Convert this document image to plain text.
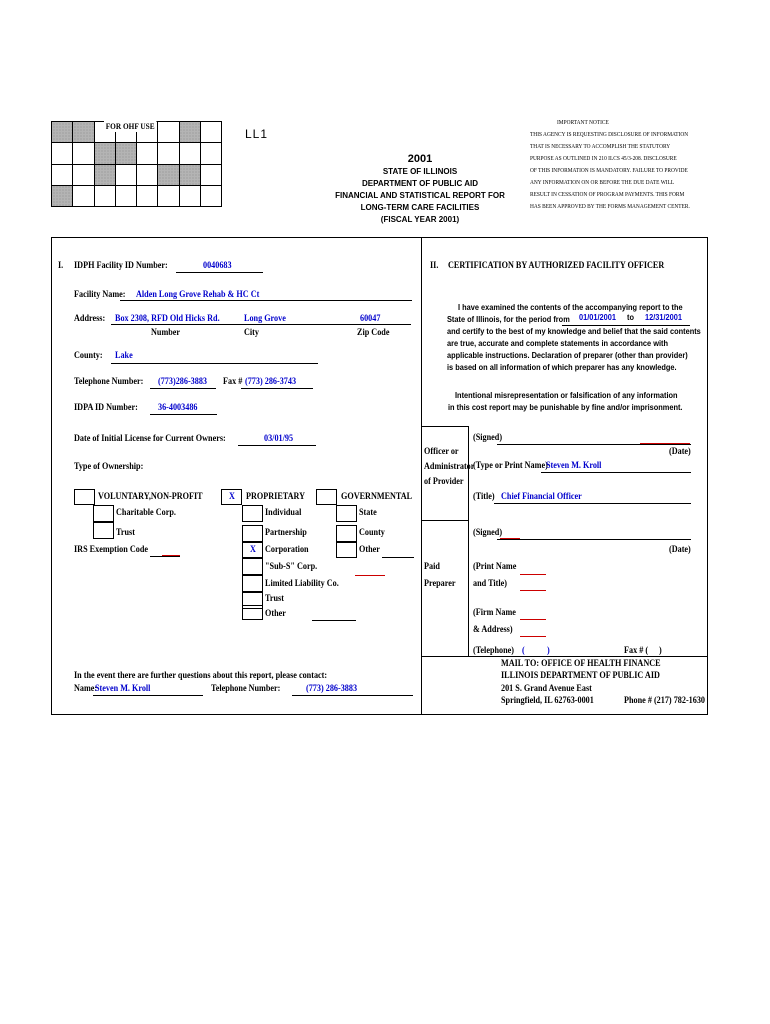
FOR OHF USE
LL1
2001
STATE OF ILLINOIS
DEPARTMENT OF PUBLIC AID
FINANCIAL AND STATISTICAL REPORT FOR
LONG-TERM CARE FACILITIES
(FISCAL YEAR 2001)
IMPORTANT NOTICE
THIS AGENCY IS REQUESTING DISCLOSURE OF INFORMATION
THAT IS NECESSARY TO ACCOMPLISH THE STATUTORY
PURPOSE AS OUTLINED IN 210 ILCS 45/3-208. DISCLOSURE
OF THIS INFORMATION IS MANDATORY. FAILURE TO PROVIDE
ANY INFORMATION ON OR BEFORE THE DUE DATE WILL
RESULT IN CESSATION OF PROGRAM PAYMENTS. THIS FORM
HAS BEEN APPROVED BY THE FORMS MANAGEMENT CENTER.
I. IDPH Facility ID Number:	0040683
Facility Name: Alden Long Grove Rehab & HC Ct
Address: Box 2308, RFD Old Hicks Rd.	Long Grove	60047
Number	City	Zip Code
County: Lake
Telephone Number: (773)286-3883 Fax # (773) 286-3743
IDPA ID Number: 36-4003486
Date of Initial License for Current Owners:	03/01/95
Type of Ownership:
VOLUNTARY,NON-PROFIT
Charitable Corp.
Trust
IRS Exemption Code
X PROPRIETARY
Individual
Partnership
X Corporation
"Sub-S" Corp.
Limited Liability Co.
Trust
Other
GOVERNMENTAL
State
County
Other
In the event there are further questions about this report, please contact:
Name:
Steven M. Kroll	Telephone Number:	(773) 286-3883
II. CERTIFICATION BY AUTHORIZED FACILITY OFFICER
I have examined the contents of the accompanying report to the
State of Illinois, for the period from 01/01/2001 to 12/31/2001
and certify to the best of my knowledge and belief that the said contents
are true, accurate and complete statements in accordance with
applicable instructions. Declaration of preparer (other than provider)
is based on all information of which preparer has any knowledge.
Intentional misrepresentation or falsification of any information
in this cost report may be punishable by fine and/or imprisonment.
Officer or
Administrator
of Provider
(Signed)
(Date)
(Type or Print Name)
Steven M. Kroll
(Title) Chief Financial Officer
(Signed)
(Date)
Paid
Preparer
(Print Name
and Title)
(Firm Name
& Address)
(Telephone) ( )	Fax # ( )
MAIL TO: OFFICE OF HEALTH FINANCE
ILLINOIS DEPARTMENT OF PUBLIC AID
201 S. Grand Avenue East
Springfield, IL 62763-0001	Phone # (217) 782-1630
